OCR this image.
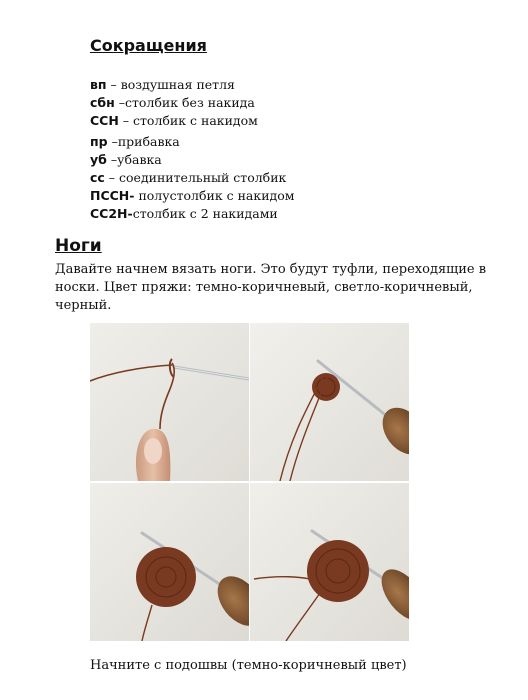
Сокращения
вп – воздушная петля
сбн –столбик без накида
ССН – столбик с накидом
пр –прибавка
уб –убавка
сс – соединительный столбик
ПССН- полустолбик с накидом
СС2Н-столбик с 2 накидами
Ноги
Давайте начнем вязать ноги. Это будут туфли, переходящие в носки. Цвет пряжи: темно-коричневый, светло-коричневый, черный.
Начните с подошвы (темно-коричневый цвет)
